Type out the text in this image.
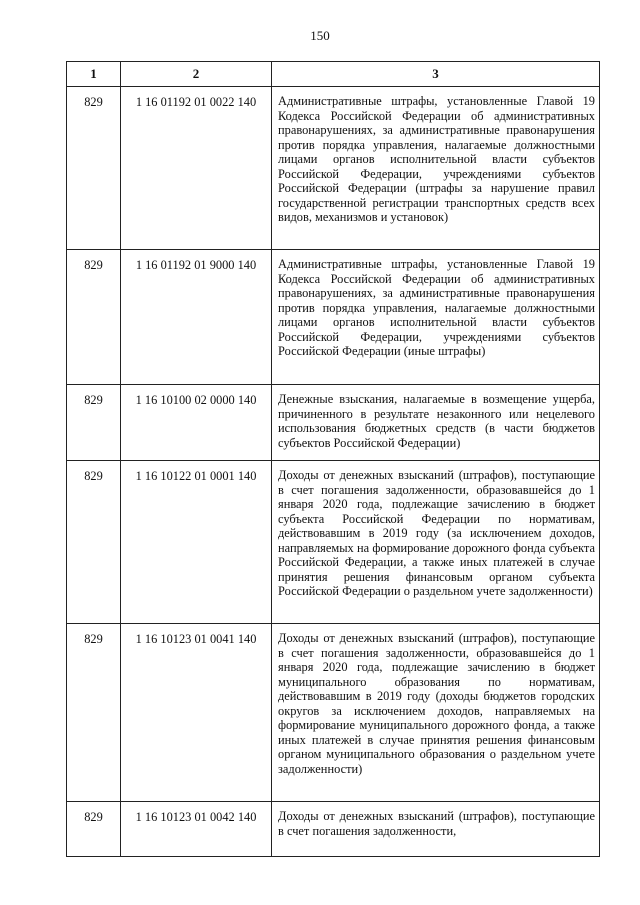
150
1	2	3
829	1 16 01192 01 0022 140	Административные штрафы, установленные Главой 19 Кодекса Российской Федерации об административных правонарушениях, за административные правонарушения против порядка управления, налагаемые должностными лицами органов исполнительной власти субъектов Российской Федерации, учреждениями субъектов Российской Федерации (штрафы за нарушение правил государственной регистрации транспортных средств всех видов, механизмов и установок)
829	1 16 01192 01 9000 140	Административные штрафы, установленные Главой 19 Кодекса Российской Федерации об административных правонарушениях, за административные правонарушения против порядка управления, налагаемые должностными лицами органов исполнительной власти субъектов Российской Федерации, учреждениями субъектов Российской Федерации (иные штрафы)
829	1 16 10100 02 0000 140	Денежные взыскания, налагаемые в возмещение ущерба, причиненного в результате незаконного или нецелевого использования бюджетных средств (в части бюджетов субъектов Российской Федерации)
829	1 16 10122 01 0001 140	Доходы от денежных взысканий (штрафов), поступающие в счет погашения задолженности, образовавшейся до 1 января 2020 года, подлежащие зачислению в бюджет субъекта Российской Федерации по нормативам, действовавшим в 2019 году (за исключением доходов, направляемых на формирование дорожного фонда субъекта Российской Федерации, а также иных платежей в случае принятия решения финансовым органом субъекта Российской Федерации о раздельном учете задолженности)
829	1 16 10123 01 0041 140	Доходы от денежных взысканий (штрафов), поступающие в счет погашения задолженности, образовавшейся до 1 января 2020 года, подлежащие зачислению в бюджет муниципального образования по нормативам, действовавшим в 2019 году (доходы бюджетов городских округов за исключением доходов, направляемых на формирование муниципального дорожного фонда, а также иных платежей в случае принятия решения финансовым органом муниципального образования о раздельном учете задолженности)
829	1 16 10123 01 0042 140	Доходы от денежных взысканий (штрафов), поступающие в счет погашения задолженности,
